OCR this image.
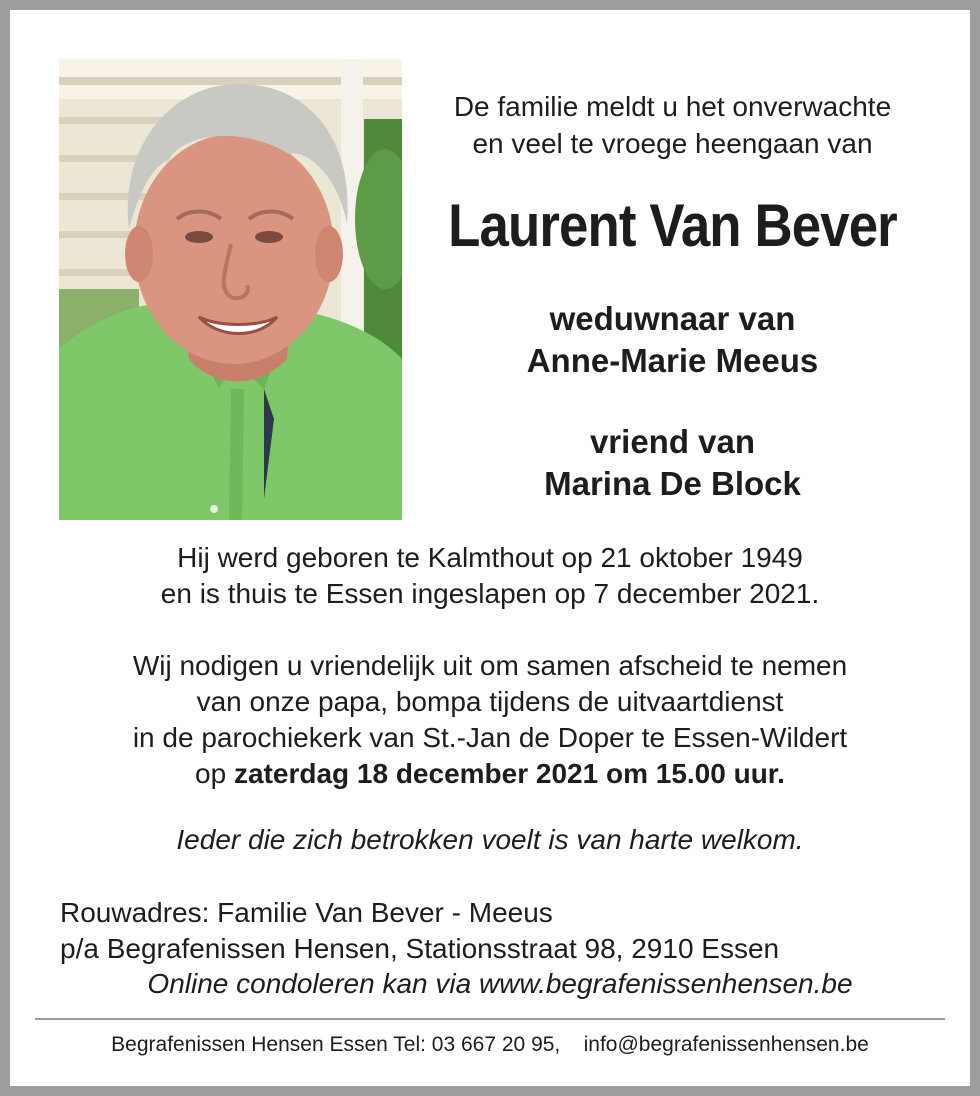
De familie meldt u het onverwachte
en veel te vroege heengaan van
Laurent Van Bever
weduwnaar van
Anne-Marie Meeus
vriend van
Marina De Block
Hij werd geboren te Kalmthout op 21 oktober 1949
en is thuis te Essen ingeslapen op 7 december 2021.
Wij nodigen u vriendelijk uit om samen afscheid te nemen
van onze papa, bompa tijdens de uitvaartdienst
in de parochiekerk van St.-Jan de Doper te Essen-Wildert
op zaterdag 18 december 2021 om 15.00 uur.
Ieder die zich betrokken voelt is van harte welkom.
Rouwadres: Familie Van Bever - Meeus
p/a Begrafenissen Hensen, Stationsstraat 98, 2910 Essen
Online condoleren kan via www.begrafenissenhensen.be
Begrafenissen Hensen Essen Tel: 03 667 20 95, info@begrafenissenhensen.be
